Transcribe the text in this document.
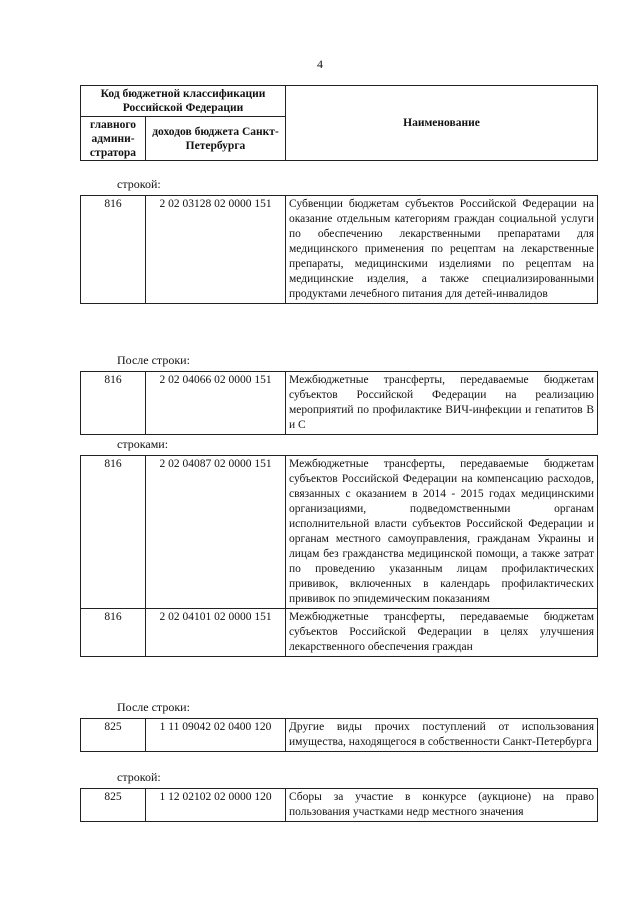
4
Код бюджетной классификации Российской Федерации		Наименование
главного админи-стратора	доходов бюджета Санкт-Петербурга	
строкой:
816	2 02 03128 02 0000 151	Субвенции бюджетам субъектов Российской Федерации на оказание отдельным категориям граждан социальной услуги по обеспечению лекарственными препаратами для медицинского применения по рецептам на лекарственные препараты, медицинскими изделиями по рецептам на медицинские изделия, а также специализированными продуктами лечебного питания для детей-инвалидов
После строки:
816	2 02 04066 02 0000 151	Межбюджетные трансферты, передаваемые бюджетам субъектов Российской Федерации на реализацию мероприятий по профилактике ВИЧ-инфекции и гепатитов В и С
строками:
816	2 02 04087 02 0000 151	Межбюджетные трансферты, передаваемые бюджетам субъектов Российской Федерации на компенсацию расходов, связанных с оказанием в 2014 - 2015 годах медицинскими организациями, подведомственными органам исполнительной власти субъектов Российской Федерации и органам местного самоуправления, гражданам Украины и лицам без гражданства медицинской помощи, а также затрат по проведению указанным лицам профилактических прививок, включенных в календарь профилактических прививок по эпидемическим показаниям
816	2 02 04101 02 0000 151	Межбюджетные трансферты, передаваемые бюджетам субъектов Российской Федерации в целях улучшения лекарственного обеспечения граждан
После строки:
825	1 11 09042 02 0400 120	Другие виды прочих поступлений от использования имущества, находящегося в собственности Санкт-Петербурга
строкой:
825	1 12 02102 02 0000 120	Сборы за участие в конкурсе (аукционе) на право пользования участками недр местного значения
